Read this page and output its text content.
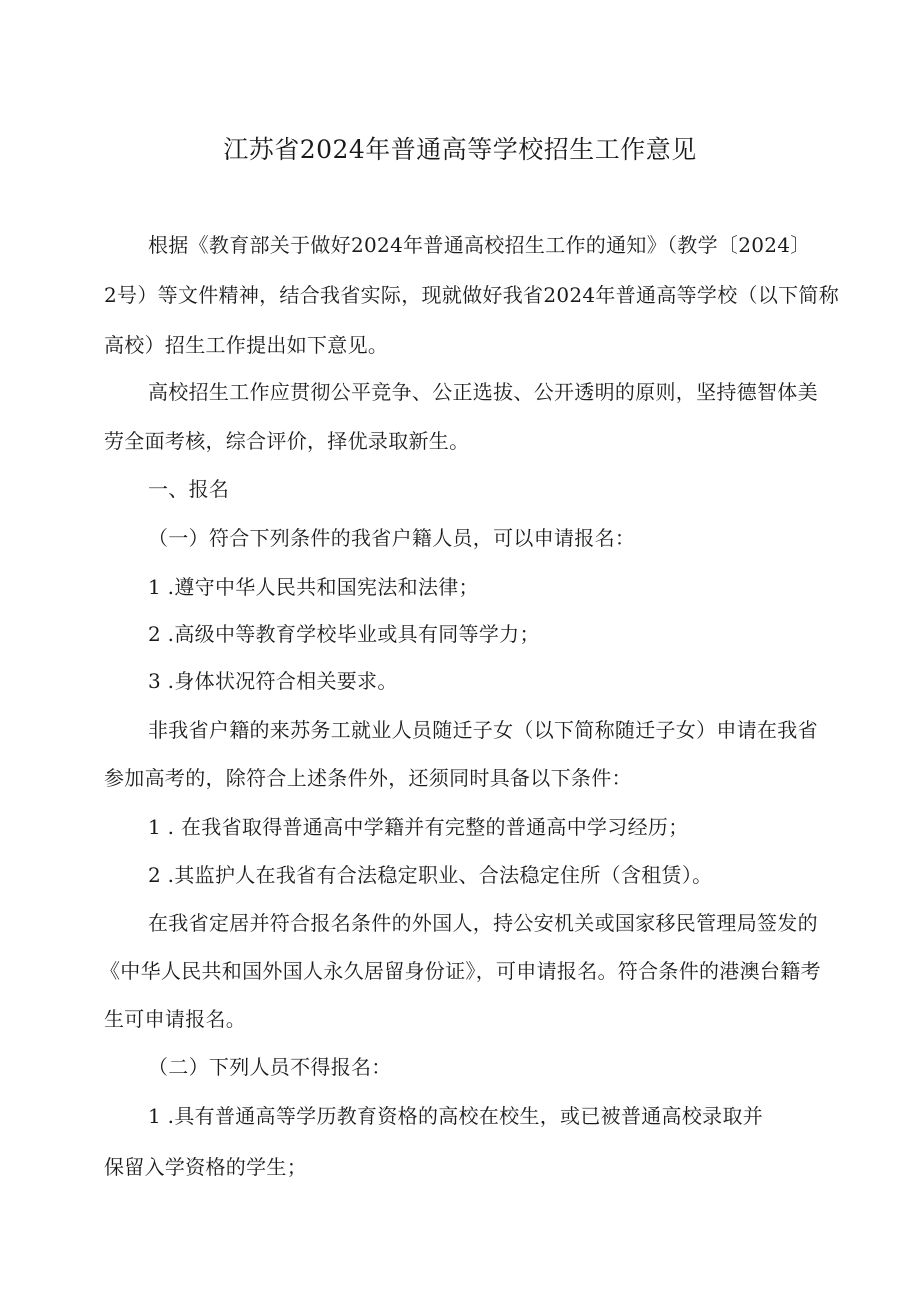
江苏省2024年普通高等学校招生工作意见
根据《教育部关于做好2024年普通高校招生工作的通知》（教学〔2024〕
2号）等文件精神，结合我省实际，现就做好我省2024年普通高等学校（以下简称
高校）招生工作提出如下意见。
高校招生工作应贯彻公平竞争、公正选拔、公开透明的原则，坚持德智体美
劳全面考核，综合评价，择优录取新生。
一、报名
（一）符合下列条件的我省户籍人员，可以申请报名：
1 .遵守中华人民共和国宪法和法律；
2 .高级中等教育学校毕业或具有同等学力；
3 .身体状况符合相关要求。
非我省户籍的来苏务工就业人员随迁子女（以下简称随迁子女）申请在我省
参加高考的，除符合上述条件外，还须同时具备以下条件：
1 . 在我省取得普通高中学籍并有完整的普通高中学习经历；
2 .其监护人在我省有合法稳定职业、合法稳定住所（含租赁）。
在我省定居并符合报名条件的外国人，持公安机关或国家移民管理局签发的
《中华人民共和国外国人永久居留身份证》，可申请报名。符合条件的港澳台籍考
生可申请报名。
（二）下列人员不得报名：
1 .具有普通高等学历教育资格的高校在校生，或已被普通高校录取并
保留入学资格的学生；
